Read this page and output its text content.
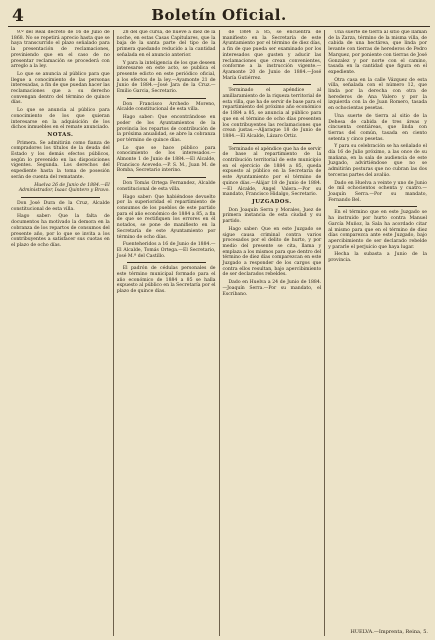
4	Boletín Oficial.

9.º del Real decreto de 16 de Julio de 1868. No se repetirá aprecio hasta que se haya transcurrido el plazo señalado para la presentación de reclamaciones, previniendo que en el caso de no presentar reclamación se procederá con arreglo a la ley.

Lo que se anuncia al público para que llegue a conocimiento de las personas interesadas, a fin de que puedan hacer las reclamaciones que a su derecho convengan dentro del término de quince días.

Lo que se anuncia al público para conocimiento de los que quieran interesarse en la adquisición de los dichos inmuebles en el remate anunciado.

NOTAS.

Primera. Se admitirán como fianza de compradores los títulos de la deuda del Estado y los demás efectos públicos, según lo prevenido en las disposiciones vigentes. Segunda. Los derechos del expediente hasta la toma de posesión serán de cuenta del rematante.

Huelva 26 de Junio de 1884.—El Administrador, Isaac Quintero y Bravo.

Don José Dura de la Cruz, Alcalde constitucional de esta villa.

Hago saber: Que la falta de documentos ha motivado la demora en la cobranza de los repartos de consumos del presente año, por lo que se invita a los contribuyentes a satisfacer sus cuotas en el plazo de ocho días.

28 del que cursa, de nueve a diez de la noche, en estas Casas Capitulares, que la baja de la santa parte del tipo de la primera quedando reducido a la cantidad señalada en el anuncio anterior.

Y para la inteligencia de los que deseen interesarse en este acto, se publica el presente edicto en este periódico oficial, a los efectos de la ley.—Ayamonte 21 de Junio de 1884.—José Jara de la Cruz.—Emilio Garcia, Secretario.

Don Francisco Archedo Moreno, Alcalde constitucional de esta villa.

Hago saber: Que encontrándose en poder de los Ayuntamientos de la provincia los repartos de contribución de la próxima anualidad, se abre la cobranza por término de quince días.

Lo que se hace público para conocimiento de los interesados.—Almonte 1 de Junio de 1884.—El Alcalde, Francisco Acevedo.—P. S. M., Juan M. de Bomba, Secretario interino.

Don Tomás Ortega Fernandez, Alcalde constitucional de esta villa.

Hago saber: Que habiéndose devuelto por la superioridad el repartimiento de consumos de los pueblos de este partido para el año económico de 1884 a 85, a fin de que se rectifiquen los errores en él notados, se pone de manifiesto en la Secretaría de este Ayuntamiento por término de ocho días.

Fuenteheridos a 16 de Junio de 1884.—El Alcalde, Tomás Ortega.—El Secretario, José M.ª del Castillo.

El padrón de cédulas personales de este término municipal formado para el año económico de 1884 a 85 se halla expuesto al público en la Secretaría por el plazo de quince días.

de 1884 a 85, se encuentra de manifiesto en la Secretaría de este Ayuntamiento por el término de diez días, a fin de que pueda ser examinado por los interesados que gusten y aducir las reclamaciones que crean convenientes, conforme a la instrucción vigente.—Ayamonte 20 de Junio de 1884.—José María Gutiérrez.

Terminado el apéndice al amillaramiento de la riqueza territorial de esta villa, que ha de servir de base para el repartimiento del próximo año económico de 1884 a 85, se anuncia al público para que en el término de ocho días presenten los contribuyentes las reclamaciones que crean justas.—Aljaraque 18 de Junio de 1884.—El Alcalde, Lázaro Ortiz.

Terminado el apéndice que ha de servir de base al repartimiento de la contribución territorial de este municipio en el ejercicio de 1884 a 85, queda expuesto al público en la Secretaría de este Ayuntamiento por el término de quince días.—Alájar 18 de Junio de 1884.—El Alcalde, Angel Valera.—Por su mandato, Francisco Hidalgo, Secretario.

JUZGADOS.

Don Joaquín Serra y Morales, Juez de primera instancia de esta ciudad y su partido.

Hago saber: Que en este Juzgado se sigue causa criminal contra varios procesados por el delito de hurto, y por medio del presente se cita, llama y emplaza a los mismos para que dentro del término de diez días comparezcan en este Juzgado a responder de los cargos que contra ellos resultan, bajo apercibimiento de ser declarados rebeldes.

Dado en Huelva a 24 de Junio de 1884.—Joaquín Serra.—Por su mandato, el Escribano.

Una suerte de tierra al sitio que llaman de la Zarza, término de la misma villa, de cabida de una hectárea, que linda por levante con tierras de herederos de Pedro Marquez, por poniente con tierras de José Gonzalez y por norte con el camino, tasada en la cantidad que figura en el expediente.

Otra casa en la calle Vázquez de esta villa, señalada con el número 12, que linda por la derecha con otra de herederos de Ana Valero y por la izquierda con la de Juan Romero, tasada en ochocientas pesetas.

Una suerte de tierra al sitio de la Dehesa de cabida de tres áreas y cincuenta centiáreas, que linda con tierras del común, tasada en ciento setenta y cinco pesetas.

Y para su celebración se ha señalado el día 16 de Julio próximo, a las once de su mañana, en la sala de audiencia de este Juzgado, advirtiéndose que no se admitirán posturas que no cubran las dos terceras partes del avalúo.

Dado en Huelva a veinte y uno de Junio de mil ochocientos ochenta y cuatro.—Joaquín Serra.—Por su mandato, Fernando Bel.

En el término que en este Juzgado se ha instruido por hurto contra Manuel García Muñoz, la Sala ha acordado citar al mismo para que en el término de diez días comparezca ante este Juzgado, bajo apercibimiento de ser declarado rebelde y pararle el perjuicio que haya lugar.

Hecha la subasta a Junio de la provincia.

HUELVA.—Imprenta, Reina, 5.
